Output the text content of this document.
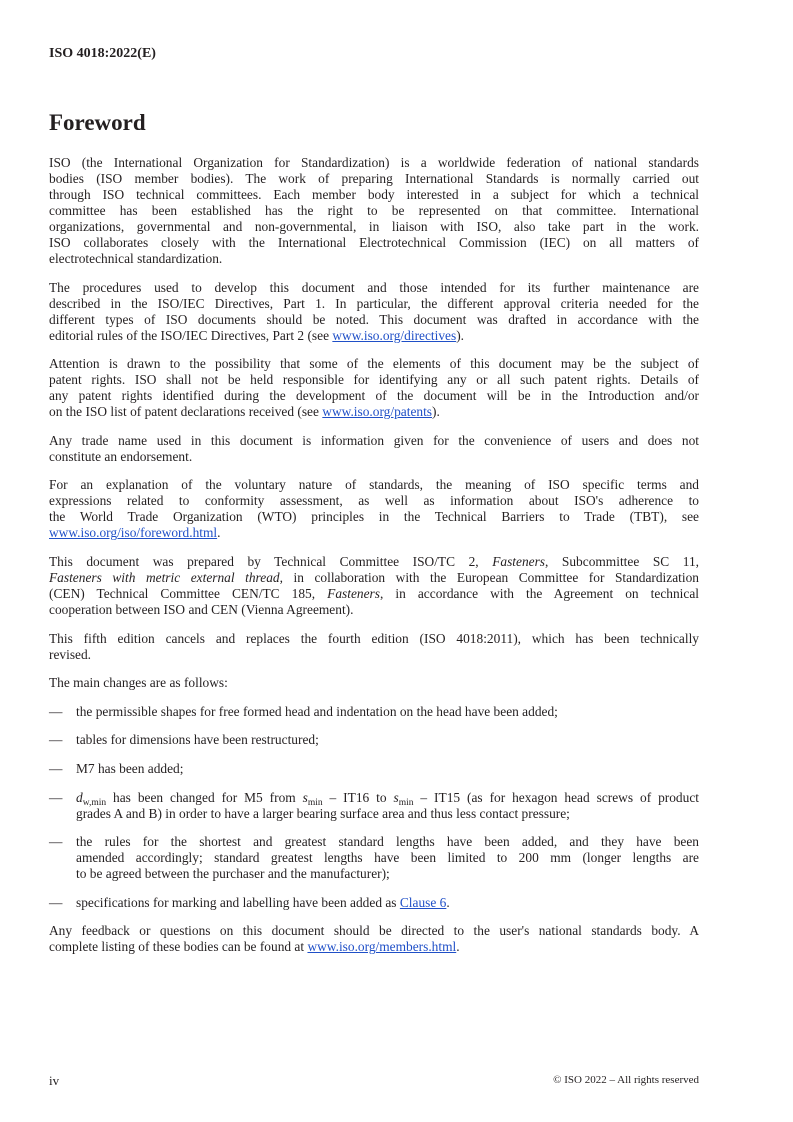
ISO 4018:2022(E)
Foreword
ISO (the International Organization for Standardization) is a worldwide federation of national standards
bodies (ISO member bodies). The work of preparing International Standards is normally carried out
through ISO technical committees. Each member body interested in a subject for which a technical
committee has been established has the right to be represented on that committee. International
organizations, governmental and non-governmental, in liaison with ISO, also take part in the work.
ISO collaborates closely with the International Electrotechnical Commission (IEC) on all matters of
electrotechnical standardization.
The procedures used to develop this document and those intended for its further maintenance are
described in the ISO/IEC Directives, Part 1. In particular, the different approval criteria needed for the
different types of ISO documents should be noted. This document was drafted in accordance with the
editorial rules of the ISO/IEC Directives, Part 2 (see www.iso.org/directives).
Attention is drawn to the possibility that some of the elements of this document may be the subject of
patent rights. ISO shall not be held responsible for identifying any or all such patent rights. Details of
any patent rights identified during the development of the document will be in the Introduction and/or
on the ISO list of patent declarations received (see www.iso.org/patents).
Any trade name used in this document is information given for the convenience of users and does not
constitute an endorsement.
For an explanation of the voluntary nature of standards, the meaning of ISO specific terms and
expressions related to conformity assessment, as well as information about ISO's adherence to
the World Trade Organization (WTO) principles in the Technical Barriers to Trade (TBT), see
www.iso.org/iso/foreword.html.
This document was prepared by Technical Committee ISO/TC 2, Fasteners, Subcommittee SC 11,
Fasteners with metric external thread, in collaboration with the European Committee for Standardization
(CEN) Technical Committee CEN/TC 185, Fasteners, in accordance with the Agreement on technical
cooperation between ISO and CEN (Vienna Agreement).
This fifth edition cancels and replaces the fourth edition (ISO 4018:2011), which has been technically
revised.
The main changes are as follows:
— the permissible shapes for free formed head and indentation on the head have been added;
— tables for dimensions have been restructured;
— M7 has been added;
— $d_{w,min}$ has been changed for M5 from $s_{min} - IT16$ to $s_{min} - IT15$ (as for hexagon head screws of product
grades A and B) in order to have a larger bearing surface area and thus less contact pressure;
— the rules for the shortest and greatest standard lengths have been added, and they have been
amended accordingly; standard greatest lengths have been limited to 200 mm (longer lengths are
to be agreed between the purchaser and the manufacturer);
— specifications for marking and labelling have been added as Clause 6.
Any feedback or questions on this document should be directed to the user's national standards body. A
complete listing of these bodies can be found at www.iso.org/members.html.
iv	© ISO 2022 – All rights reserved
